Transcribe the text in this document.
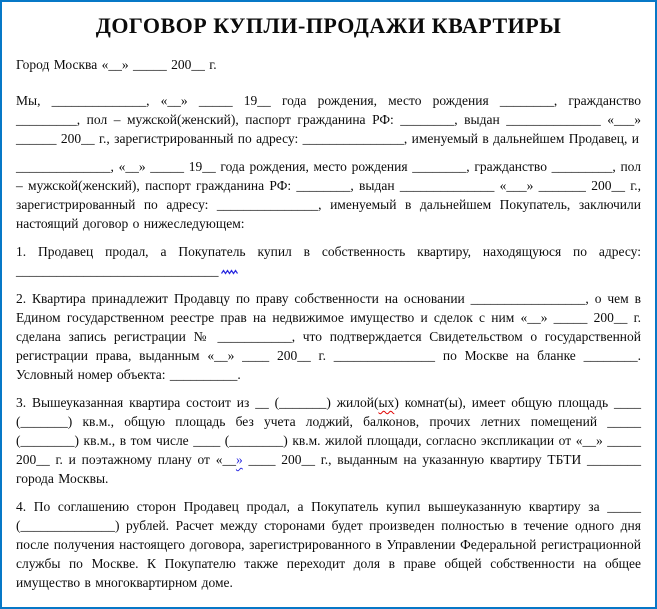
ДОГОВОР КУПЛИ-ПРОДАЖИ КВАРТИРЫ

Город Москва «__» _____ 200__ г.

Мы, ______________, «__» _____ 19__ года рождения, место рождения ________, гражданство _________, пол – мужской(женский), паспорт гражданина РФ: ________, выдан ______________ «___» ______ 200__ г., зарегистрированный по адресу: _______________, именуемый в дальнейшем Продавец, и

______________, «__» _____ 19__ года рождения, место рождения ________, гражданство _________, пол – мужской(женский), паспорт гражданина РФ: ________, выдан ______________ «___» _______ 200__ г., зарегистрированный по адресу: _______________, именуемый в дальнейшем Покупатель, заключили настоящий договор о нижеследующем:

1. Продавец продал, а Покупатель купил в собственность квартиру, находящуюся по адресу:
______________________________

2. Квартира принадлежит Продавцу по праву собственности на основании _________________, о чем в Едином государственном реестре прав на недвижимое имущество и сделок с ним «__» _____ 200__ г. сделана запись регистрации № ___________, что подтверждается Свидетельством о государственной регистрации права, выданным «__» ____ 200__ г. _______________ по Москве на бланке ________. Условный номер объекта: __________.

3. Вышеуказанная квартира состоит из __ (_______) жилой(ых) комнат(ы), имеет общую площадь ____ (_______) кв.м., общую площадь без учета лоджий, балконов, прочих летних помещений _____ (________) кв.м., в том числе ____ (________) кв.м. жилой площади, согласно экспликации от «__» _____ 200__ г. и поэтажному плану от «__» ____ 200__ г., выданным на указанную квартиру ТБТИ ________ города Москвы.

4. По соглашению сторон Продавец продал, а Покупатель купил вышеуказанную квартиру за _____ (______________) рублей. Расчет между сторонами будет произведен полностью в течение одного дня после получения настоящего договора, зарегистрированного в Управлении Федеральной регистрационной службы по Москве. К Покупателю также переходит доля в праве общей собственности на общее имущество в многоквартирном доме.
